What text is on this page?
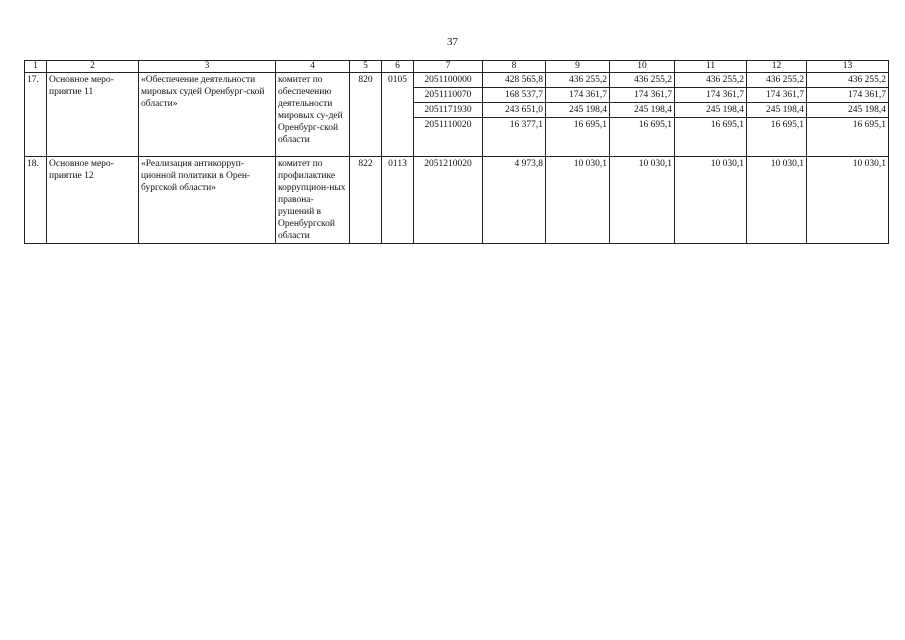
37
1	2	3	4	5	6	7	8	9	10	11	12	13
17.	Основное меро-приятие 11	«Обеспечение деятельности мировых судей Оренбург-ской области»	комитет по обеспечению деятельности мировых су-дей Оренбург-ской области	820	0105	2051100000	428 565,8	436 255,2	436 255,2	436 255,2	436 255,2	436 255,2
						2051110070	168 537,7	174 361,7	174 361,7	174 361,7	174 361,7	174 361,7
						2051171930	243 651,0	245 198,4	245 198,4	245 198,4	245 198,4	245 198,4
						2051110020	16 377,1	16 695,1	16 695,1	16 695,1	16 695,1	16 695,1
18.	Основное меро-приятие 12	«Реализация антикорруп-ционной политики в Орен-бургской области»	комитет по профилактике коррупцион-ных правона-рушений в Оренбургской области	822	0113	2051210020	4 973,8	10 030,1	10 030,1	10 030,1	10 030,1	10 030,1
